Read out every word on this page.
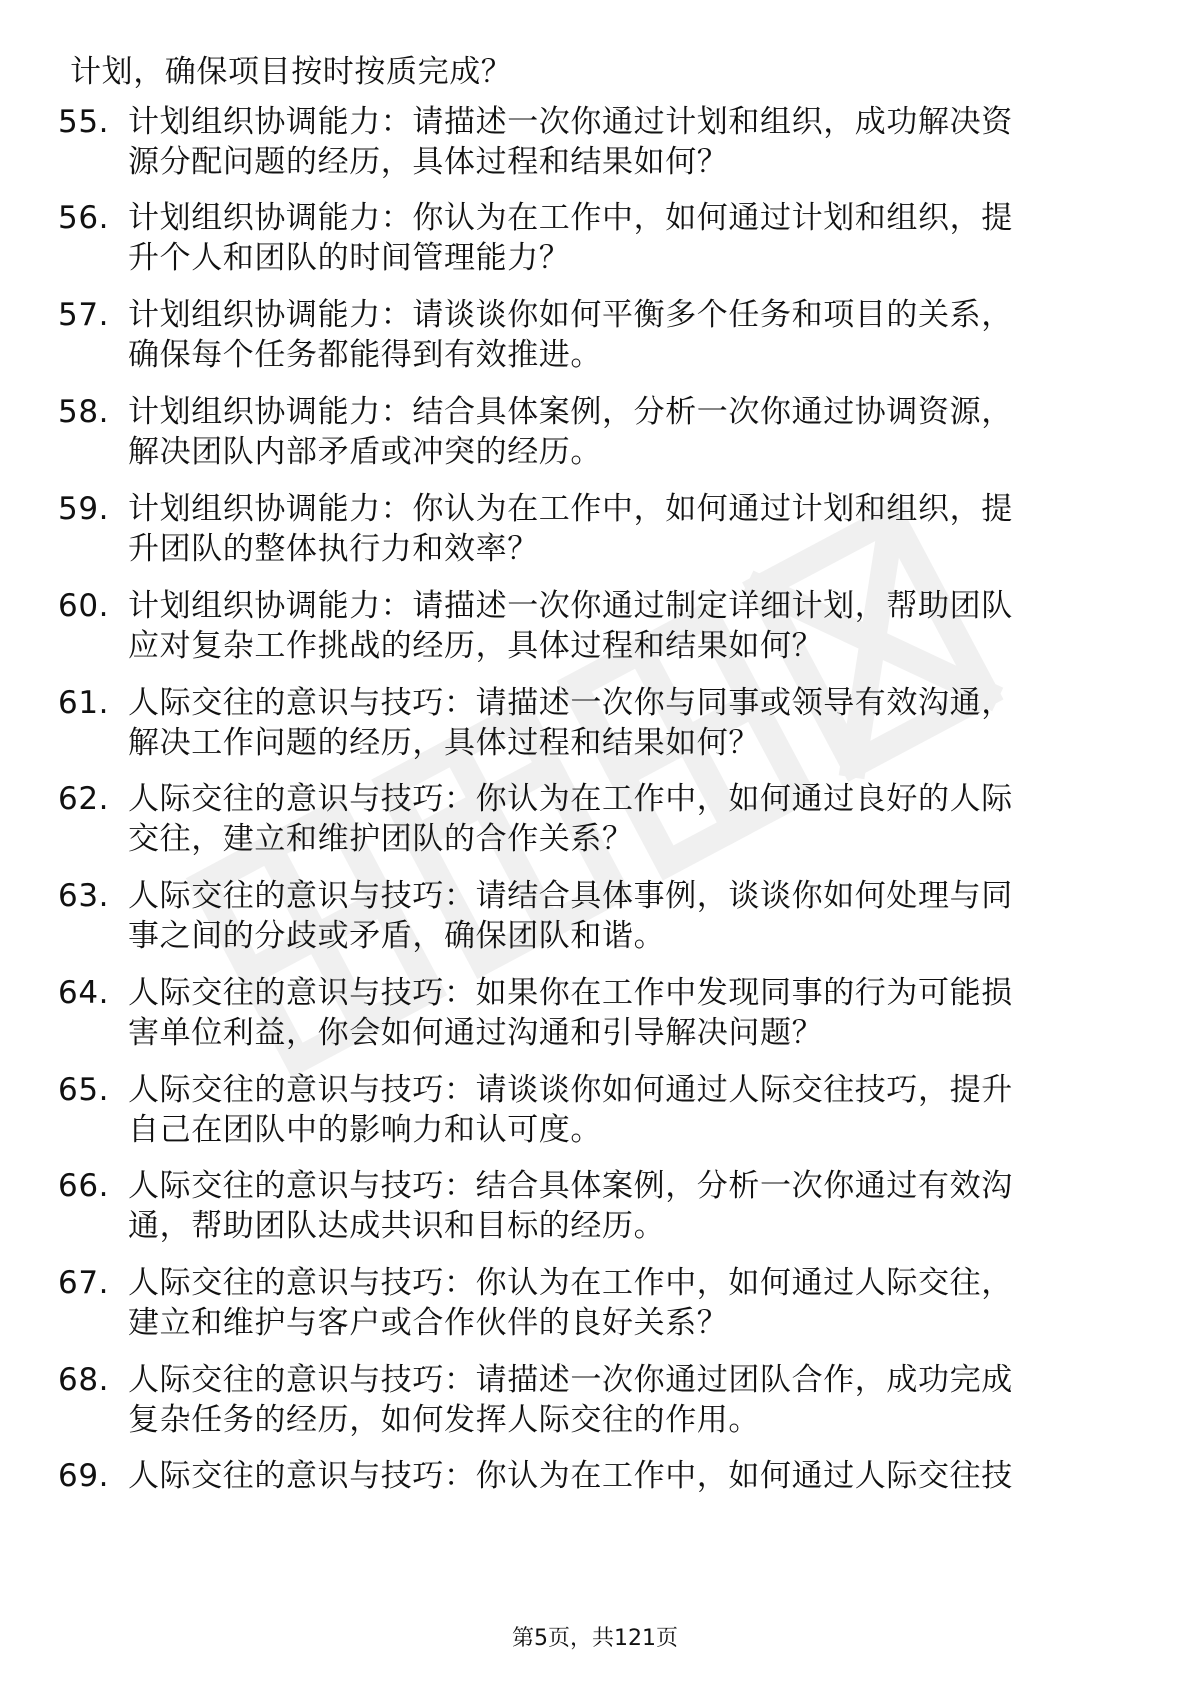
计划，确保项目按时按质完成？
55. 计划组织协调能力：请描述一次你通过计划和组织，成功解决资
源分配问题的经历，具体过程和结果如何？
56. 计划组织协调能力：你认为在工作中，如何通过计划和组织，提
升个人和团队的时间管理能力？
57. 计划组织协调能力：请谈谈你如何平衡多个任务和项目的关系，
确保每个任务都能得到有效推进。
58. 计划组织协调能力：结合具体案例，分析一次你通过协调资源，
解决团队内部矛盾或冲突的经历。
59. 计划组织协调能力：你认为在工作中，如何通过计划和组织，提
升团队的整体执行力和效率？
60. 计划组织协调能力：请描述一次你通过制定详细计划，帮助团队
应对复杂工作挑战的经历，具体过程和结果如何？
61. 人际交往的意识与技巧：请描述一次你与同事或领导有效沟通，
解决工作问题的经历，具体过程和结果如何？
62. 人际交往的意识与技巧：你认为在工作中，如何通过良好的人际
交往，建立和维护团队的合作关系？
63. 人际交往的意识与技巧：请结合具体事例，谈谈你如何处理与同
事之间的分歧或矛盾，确保团队和谐。
64. 人际交往的意识与技巧：如果你在工作中发现同事的行为可能损
害单位利益，你会如何通过沟通和引导解决问题？
65. 人际交往的意识与技巧：请谈谈你如何通过人际交往技巧，提升
自己在团队中的影响力和认可度。
66. 人际交往的意识与技巧：结合具体案例，分析一次你通过有效沟
通，帮助团队达成共识和目标的经历。
67. 人际交往的意识与技巧：你认为在工作中，如何通过人际交往，
建立和维护与客户或合作伙伴的良好关系？
68. 人际交往的意识与技巧：请描述一次你通过团队合作，成功完成
复杂任务的经历，如何发挥人际交往的作用。
69. 人际交往的意识与技巧：你认为在工作中，如何通过人际交往技
第5页，共121页
